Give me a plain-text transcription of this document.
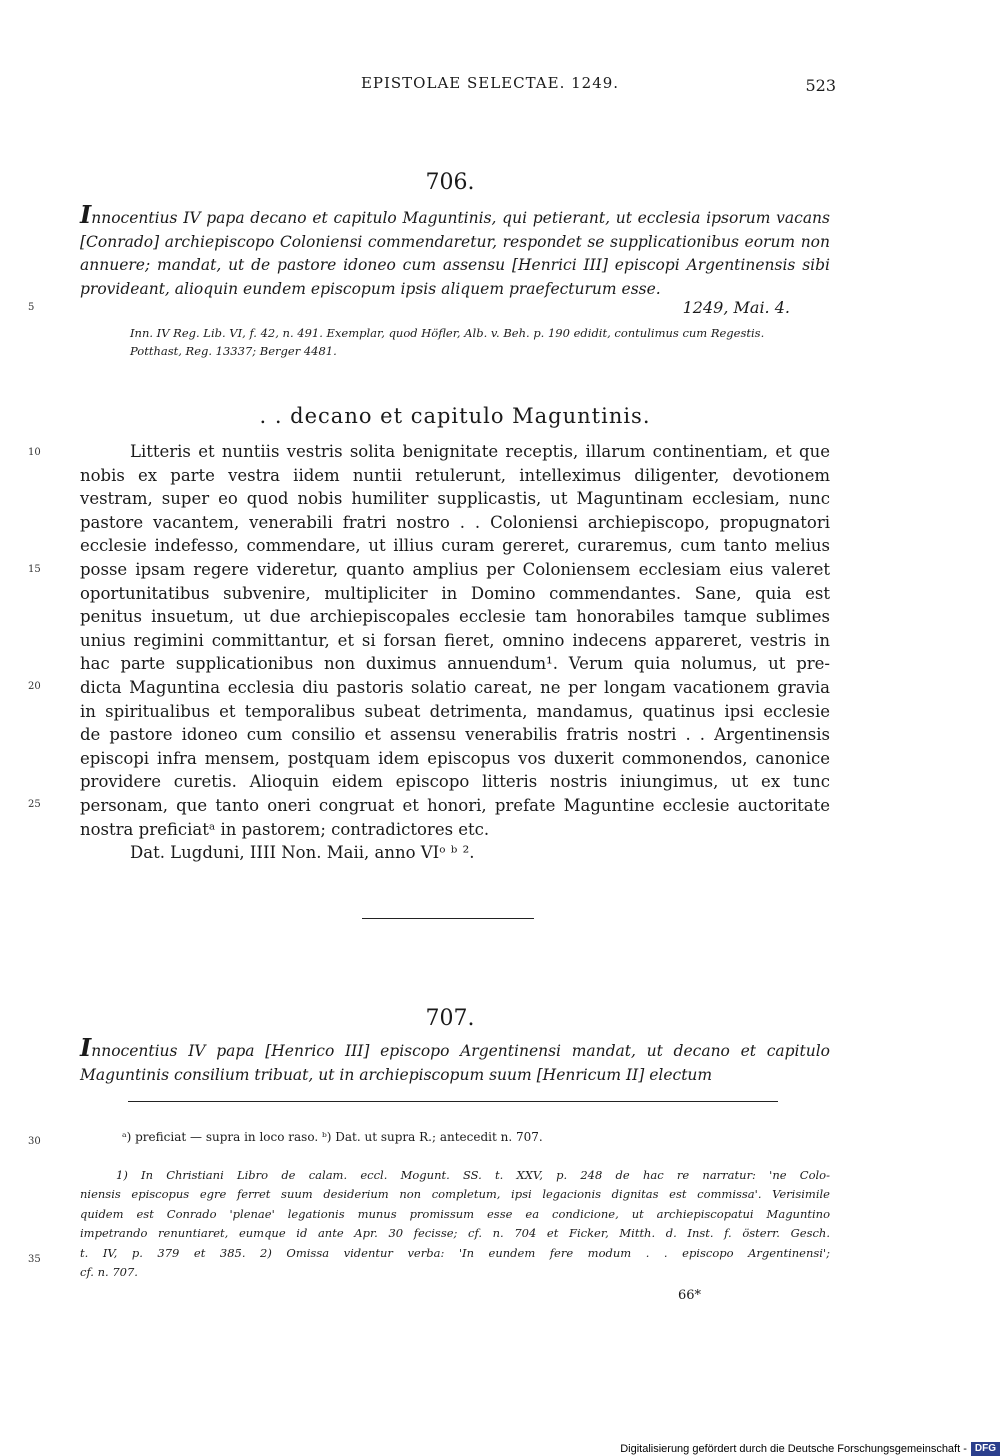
EPISTOLAE SELECTAE. 1249.	523
706.
Innocentius IV papa decano et capitulo Maguntinis, qui petierant, ut ecclesia ipsorum vacans [Conrado] archiepiscopo Coloniensi commendaretur, respondet se supplicationibus eorum non annuere; mandat, ut de pastore idoneo cum assensu [Henrici III] episcopi Argentinensis sibi provideant, alioquin eundem episcopum ipsis aliquem praefecturum esse.
1249, Mai. 4.

Inn. IV Reg. Lib. VI, f. 42, n. 491. Exemplar, quod Höfler, Alb. v. Beh. p. 190 edidit, contulimus cum Regestis.

Potthast, Reg. 13337; Berger 4481.

. . decano et capitulo Maguntinis.
Litteris et nuntiis vestris solita benignitate receptis, illarum continentiam, et que
nobis ex parte vestra iidem nuntii retulerunt, intelleximus diligenter, devotionem
vestram, super eo quod nobis humiliter supplicastis, ut Maguntinam ecclesiam, nunc
pastore vacantem, venerabili fratri nostro . . Coloniensi archiepiscopo, propugnatori
ecclesie indefesso, commendare, ut illius curam gereret, curaremus, cum tanto melius
posse ipsam regere videretur, quanto amplius per Coloniensem ecclesiam eius valeret
oportunitatibus subvenire, multipliciter in Domino commendantes. Sane, quia est
penitus insuetum, ut due archiepiscopales ecclesie tam honorabiles tamque sublimes
unius regimini committantur, et si forsan fieret, omnino indecens appareret, vestris in
hac parte supplicationibus non duximus annuendum¹. Verum quia nolumus, ut pre-
dicta Maguntina ecclesia diu pastoris solatio careat, ne per longam vacationem gravia
in spiritualibus et temporalibus subeat detrimenta, mandamus, quatinus ipsi ecclesie
de pastore idoneo cum consilio et assensu venerabilis fratris nostri . . Argentinensis
episcopi infra mensem, postquam idem episcopus vos duxerit commonendos, canonice
providere curetis. Alioquin eidem episcopo litteris nostris iniungimus, ut ex tunc
personam, que tanto oneri congruat et honori, prefate Maguntine ecclesie auctoritate
nostra preficiatᵃ in pastorem; contradictores etc.
Dat. Lugduni, IIII Non. Maii, anno VIᵒ ᵇ ².
5
10
15
20
25
30
35
707.
Innocentius IV papa [Henrico III] episcopo Argentinensi mandat, ut decano et capitulo Maguntinis consilium tribuat, ut in archiepiscopum suum [Henricum II] electum
ᵃ) preficiat — supra in loco raso. ᵇ) Dat. ut supra R.; antecedit n. 707.
1) In Christiani Libro de calam. eccl. Mogunt. SS. t. XXV, p. 248 de hac re narratur: 'ne Colo-
niensis episcopus egre ferret suum desiderium non completum, ipsi legacionis dignitas est commissa'. Verisimile
quidem est Conrado 'plenae' legationis munus promissum esse ea condicione, ut archiepiscopatui Maguntino
impetrando renuntiaret, eumque id ante Apr. 30 fecisse; cf. n. 704 et Ficker, Mitth. d. Inst. f. österr. Gesch.
t. IV, p. 379 et 385. 2) Omissa videntur verba: 'In eundem fere modum . . episcopo Argentinensi';
cf. n. 707.
66*
Digitalisierung gefördert durch die Deutsche Forschungsgemeinschaft - DFG
